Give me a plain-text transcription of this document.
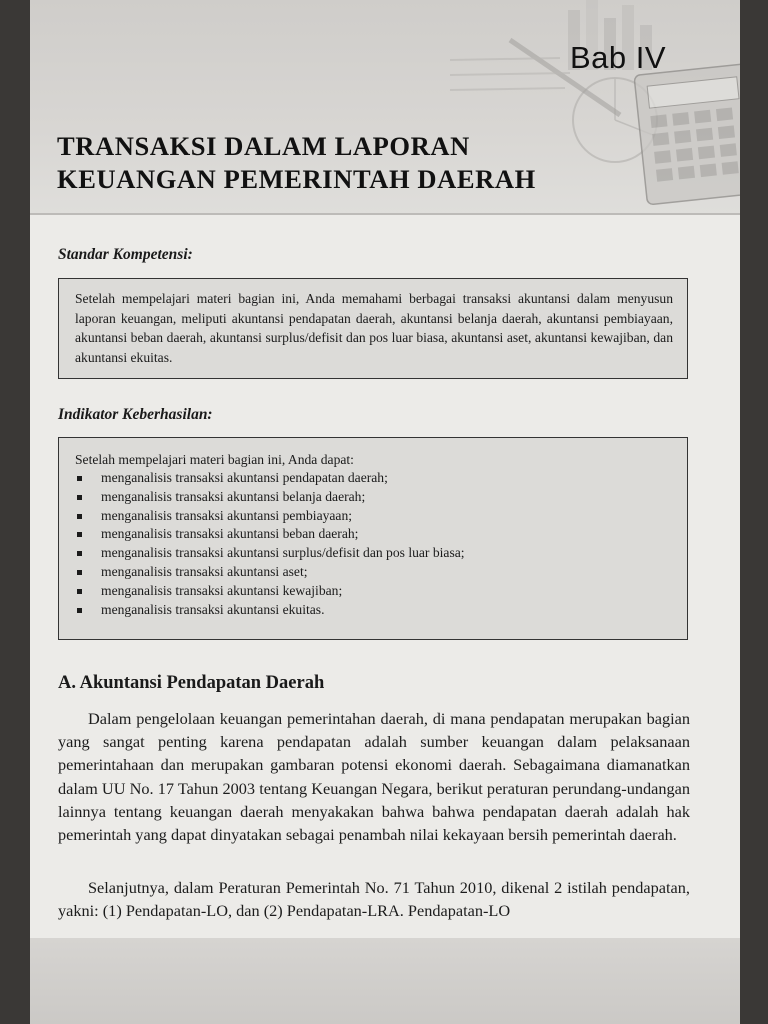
Bab IV
TRANSAKSI DALAM LAPORAN
KEUANGAN PEMERINTAH DAERAH
Standar Kompetensi:

Setelah mempelajari materi bagian ini, Anda memahami berbagai transaksi akuntansi dalam menyusun laporan keuangan, meliputi akuntansi pendapatan daerah, akuntansi belanja daerah, akuntansi pembiayaan, akuntansi beban daerah, akuntansi surplus/defisit dan pos luar biasa, akuntansi aset, akuntansi kewajiban, dan akuntansi ekuitas.

Indikator Keberhasilan:

Setelah mempelajari materi bagian ini, Anda dapat:

menganalisis transaksi akuntansi pendapatan daerah;
menganalisis transaksi akuntansi belanja daerah;
menganalisis transaksi akuntansi pembiayaan;
menganalisis transaksi akuntansi beban daerah;
menganalisis transaksi akuntansi surplus/defisit dan pos luar biasa;
menganalisis transaksi akuntansi aset;
menganalisis transaksi akuntansi kewajiban;
menganalisis transaksi akuntansi ekuitas.
A. Akuntansi Pendapatan Daerah

Dalam pengelolaan keuangan pemerintahan daerah, di mana pendapatan merupakan bagian yang sangat penting karena pendapatan adalah sumber keuangan dalam pelaksanaan pemerintahaan dan merupakan gambaran potensi ekonomi daerah. Sebagaimana diamanatkan dalam UU No. 17 Tahun 2003 tentang Keuangan Negara, berikut peraturan perundang-undangan lainnya tentang keuangan daerah menyakakan bahwa bahwa pendapatan daerah adalah hak pemerintah yang dapat dinyatakan sebagai penambah nilai kekayaan bersih pemerintah daerah.

Selanjutnya, dalam Peraturan Pemerintah No. 71 Tahun 2010, dikenal 2 istilah pendapatan, yakni: (1) Pendapatan-LO, dan (2) Pendapatan-LRA. Pendapatan-LO
